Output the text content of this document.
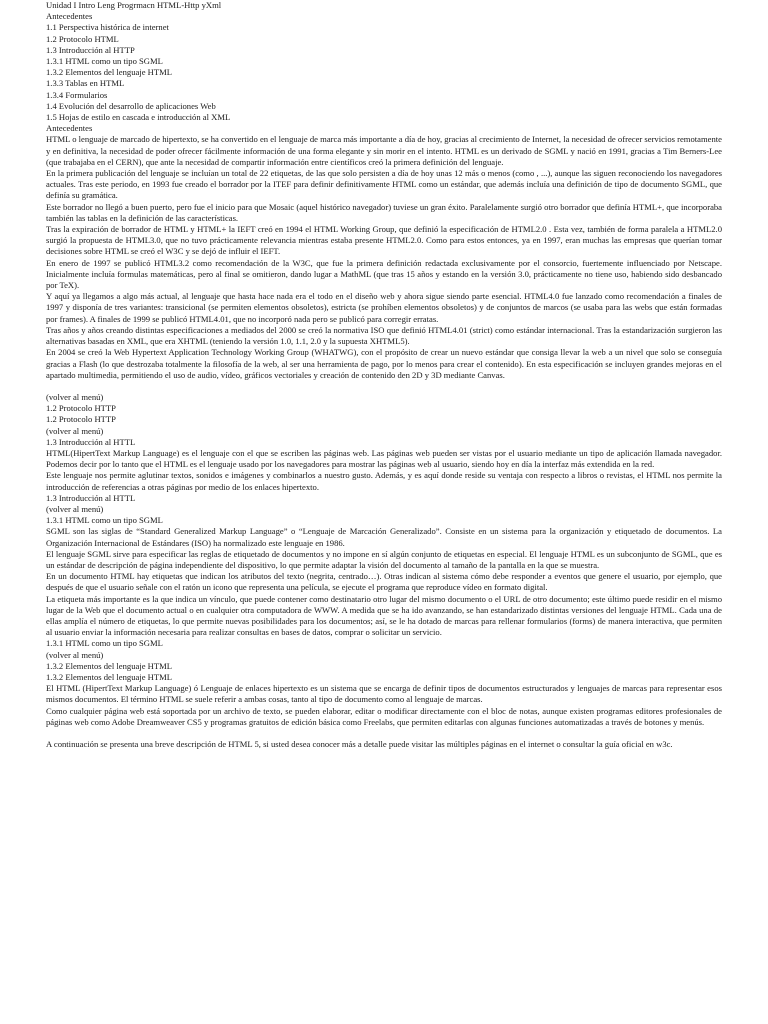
Unidad I Intro Leng Progrmacn HTML-Http yXml
Antecedentes
1.1 Perspectiva histórica de internet
1.2 Protocolo HTML
1.3 Introducción al HTTP
1.3.1 HTML como un tipo SGML
1.3.2 Elementos del lenguaje HTML
1.3.3 Tablas en HTML
1.3.4 Formularios
1.4 Evolución del desarrollo de aplicaciones Web
1.5 Hojas de estilo en cascada e introducción al XML
Antecedentes

HTML o lenguaje de marcado de hipertexto, se ha convertido en el lenguaje de marca más importante a día de hoy, gracias al crecimiento de Internet, la necesidad de ofrecer servicios remotamente y en definitiva, la necesidad de poder ofrecer fácilmente información de una forma elegante y sin morir en el intento. HTML es un derivado de SGML y nació en 1991, gracias a Tim Berners-Lee (que trabajaba en el CERN), que ante la necesidad de compartir información entre científicos creó la primera definición del lenguaje.

En la primera publicación del lenguaje se incluían un total de 22 etiquetas, de las que solo persisten a día de hoy unas 12 más o menos (como , ...), aunque las siguen reconociendo los navegadores actuales. Tras este periodo, en 1993 fue creado el borrador por la ITEF para definir definitivamente HTML como un estándar, que además incluía una definición de tipo de documento SGML, que definía su gramática.

Este borrador no llegó a buen puerto, pero fue el inicio para que Mosaic (aquel histórico navegador) tuviese un gran éxito. Paralelamente surgió otro borrador que definía HTML+, que incorporaba también las tablas en la definición de las características.

Tras la expiración de borrador de HTML y HTML+ la IEFT creó en 1994 el HTML Working Group, que definió la especificación de HTML2.0 . Esta vez, también de forma paralela a HTML2.0 surgió la propuesta de HTML3.0, que no tuvo prácticamente relevancia mientras estaba presente HTML2.0. Como para estos entonces, ya en 1997, eran muchas las empresas que querían tomar decisiones sobre HTML se creó el W3C y se dejó de influir el IEFT.

En enero de 1997 se publicó HTML3.2 como recomendación de la W3C, que fue la primera definición redactada exclusivamente por el consorcio, fuertemente influenciado por Netscape. Inicialmente incluía formulas matemáticas, pero al final se omitieron, dando lugar a MathML (que tras 15 años y estando en la versión 3.0, prácticamente no tiene uso, habiendo sido desbancado por TeX).

Y aquí ya llegamos a algo más actual, al lenguaje que hasta hace nada era el todo en el diseño web y ahora sigue siendo parte esencial. HTML4.0 fue lanzado como recomendación a finales de 1997 y disponía de tres variantes: transicional (se permiten elementos obsoletos), estricta (se prohíben elementos obsoletos) y de conjuntos de marcos (se usaba para las webs que están formadas por frames). A finales de 1999 se publicó HTML4.01, que no incorporó nada pero se publicó para corregir erratas.

Tras años y años creando distintas especificaciones a mediados del 2000 se creó la normativa ISO que definió HTML4.01 (strict) como estándar internacional. Tras la estandarización surgieron las alternativas basadas en XML, que era XHTML (teniendo la versión 1.0, 1.1, 2.0 y la supuesta XHTML5).

En 2004 se creó la Web Hypertext Application Technology Working Group (WHATWG), con el propósito de crear un nuevo estándar que consiga llevar la web a un nivel que solo se conseguía gracias a Flash (lo que destrozaba totalmente la filosofía de la web, al ser una herramienta de pago, por lo menos para crear el contenido). En esta especificación se incluyen grandes mejoras en el apartado multimedia, permitiendo el uso de audio, vídeo, gráficos vectoriales y creación de contenido den 2D y 3D mediante Canvas.

(volver al menú)
1.2 Protocolo HTTP
1.2 Protocolo HTTP
(volver al menú)
1.3 Introducción al HTTL

HTML(HipertText Markup Language) es el lenguaje con el que se escriben las páginas web. Las páginas web pueden ser vistas por el usuario mediante un tipo de aplicación llamada navegador. Podemos decir por lo tanto que el HTML es el lenguaje usado por los navegadores para mostrar las páginas web al usuario, siendo hoy en día la interfaz más extendida en la red.

Este lenguaje nos permite aglutinar textos, sonidos e imágenes y combinarlos a nuestro gusto. Además, y es aquí donde reside su ventaja con respecto a libros o revistas, el HTML nos permite la introducción de referencias a otras páginas por medio de los enlaces hipertexto.

1.3 Introducción al HTTL
(volver al menú)
1.3.1 HTML como un tipo SGML

SGML son las siglas de “Standard Generalized Markup Language” o “Lenguaje de Marcación Generalizado”. Consiste en un sistema para la organización y etiquetado de documentos. La Organización Internacional de Estándares (ISO) ha normalizado este lenguaje en 1986.

El lenguaje SGML sirve para especificar las reglas de etiquetado de documentos y no impone en sí algún conjunto de etiquetas en especial. El lenguaje HTML es un subconjunto de SGML, que es un estándar de descripción de página independiente del dispositivo, lo que permite adaptar la visión del documento al tamaño de la pantalla en la que se muestra.

En un documento HTML hay etiquetas que indican los atributos del texto (negrita, centrado…). Otras indican al sistema cómo debe responder a eventos que genere el usuario, por ejemplo, que después de que el usuario señale con el ratón un icono que representa una película, se ejecute el programa que reproduce vídeo en formato digital.

La etiqueta más importante es la que indica un vínculo, que puede contener como destinatario otro lugar del mismo documento o el URL de otro documento; este último puede residir en el mismo lugar de la Web que el documento actual o en cualquier otra computadora de WWW. A medida que se ha ido avanzando, se han estandarizado distintas versiones del lenguaje HTML. Cada una de ellas amplía el número de etiquetas, lo que permite nuevas posibilidades para los documentos; así, se le ha dotado de marcas para rellenar formularios (forms) de manera interactiva, que permiten al usuario enviar la información necesaria para realizar consultas en bases de datos, comprar o solicitar un servicio.

1.3.1 HTML como un tipo SGML
(volver al menú)
1.3.2 Elementos del lenguaje HTML
1.3.2 Elementos del lenguaje HTML

El HTML (HipertText Markup Language) ó Lenguaje de enlaces hipertexto es un sistema que se encarga de definir tipos de documentos estructurados y lenguajes de marcas para representar esos mismos documentos. El término HTML se suele referir a ambas cosas, tanto al tipo de documento como al lenguaje de marcas.

Como cualquier página web está soportada por un archivo de texto, se pueden elaborar, editar o modificar directamente con el bloc de notas, aunque existen programas editores profesionales de páginas web como Adobe Dreamweaver CS5 y programas gratuitos de edición básica como Freelabs, que permiten editarlas con algunas funciones automatizadas a través de botones y menús.

A continuación se presenta una breve descripción de HTML 5, si usted desea conocer más a detalle puede visitar las múltiples páginas en el internet o consultar la guía oficial en w3c.
